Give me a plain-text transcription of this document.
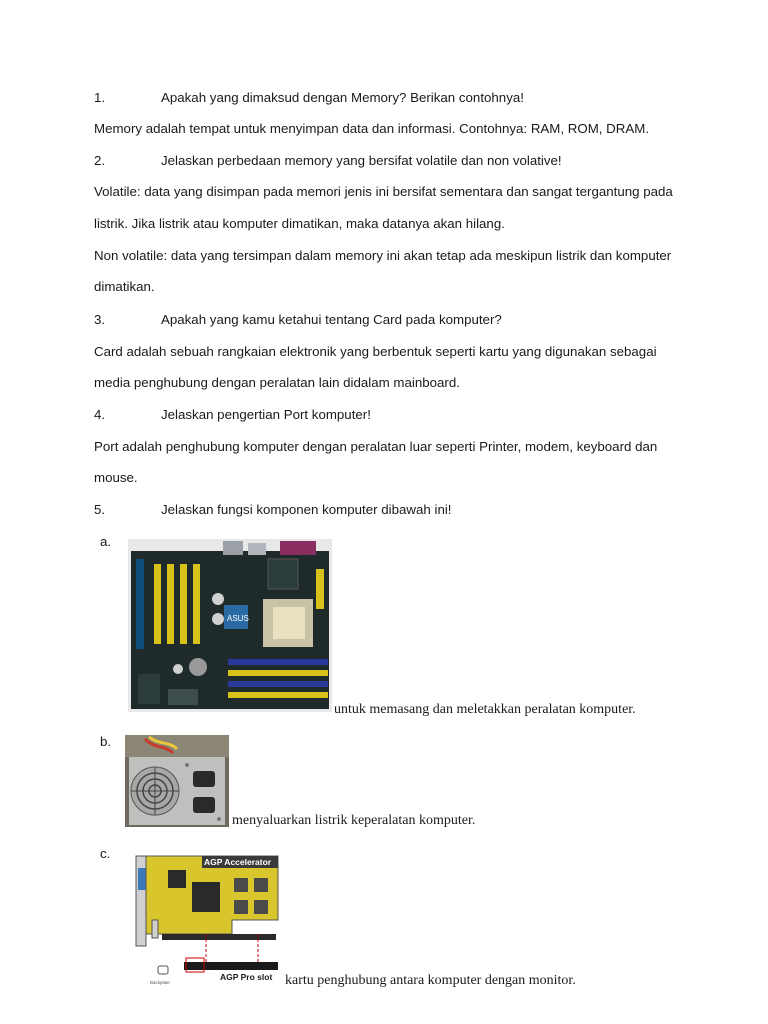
1.	Apakah yang dimaksud dengan Memory? Berikan contohnya!
Memory adalah tempat untuk menyimpan data dan informasi. Contohnya: RAM, ROM, DRAM.
2.	Jelaskan perbedaan memory yang bersifat volatile dan non volative!
Volatile: data yang disimpan pada memori jenis ini bersifat sementara dan sangat tergantung pada
listrik. Jika listrik atau komputer dimatikan, maka datanya akan hilang.
Non volatile: data yang tersimpan dalam memory ini akan tetap ada meskipun listrik dan komputer
dimatikan.
3.	Apakah yang kamu ketahui tentang Card pada komputer?
Card adalah sebuah rangkaian elektronik yang berbentuk seperti kartu yang digunakan sebagai
media penghubung dengan peralatan lain didalam mainboard.
4.	Jelaskan pengertian Port komputer!
Port adalah penghubung komputer dengan peralatan luar seperti Printer, modem, keyboard dan
mouse.
5.	Jelaskan fungsi komponen komputer dibawah ini!
a.
ASUS
untuk memasang dan meletakkan peralatan komputer.
b.
menyaluarkan listrik keperalatan komputer.
c.
AGP Accelerator
AGP Pro slot
Backplate	kartu penghubung antara komputer dengan monitor.
